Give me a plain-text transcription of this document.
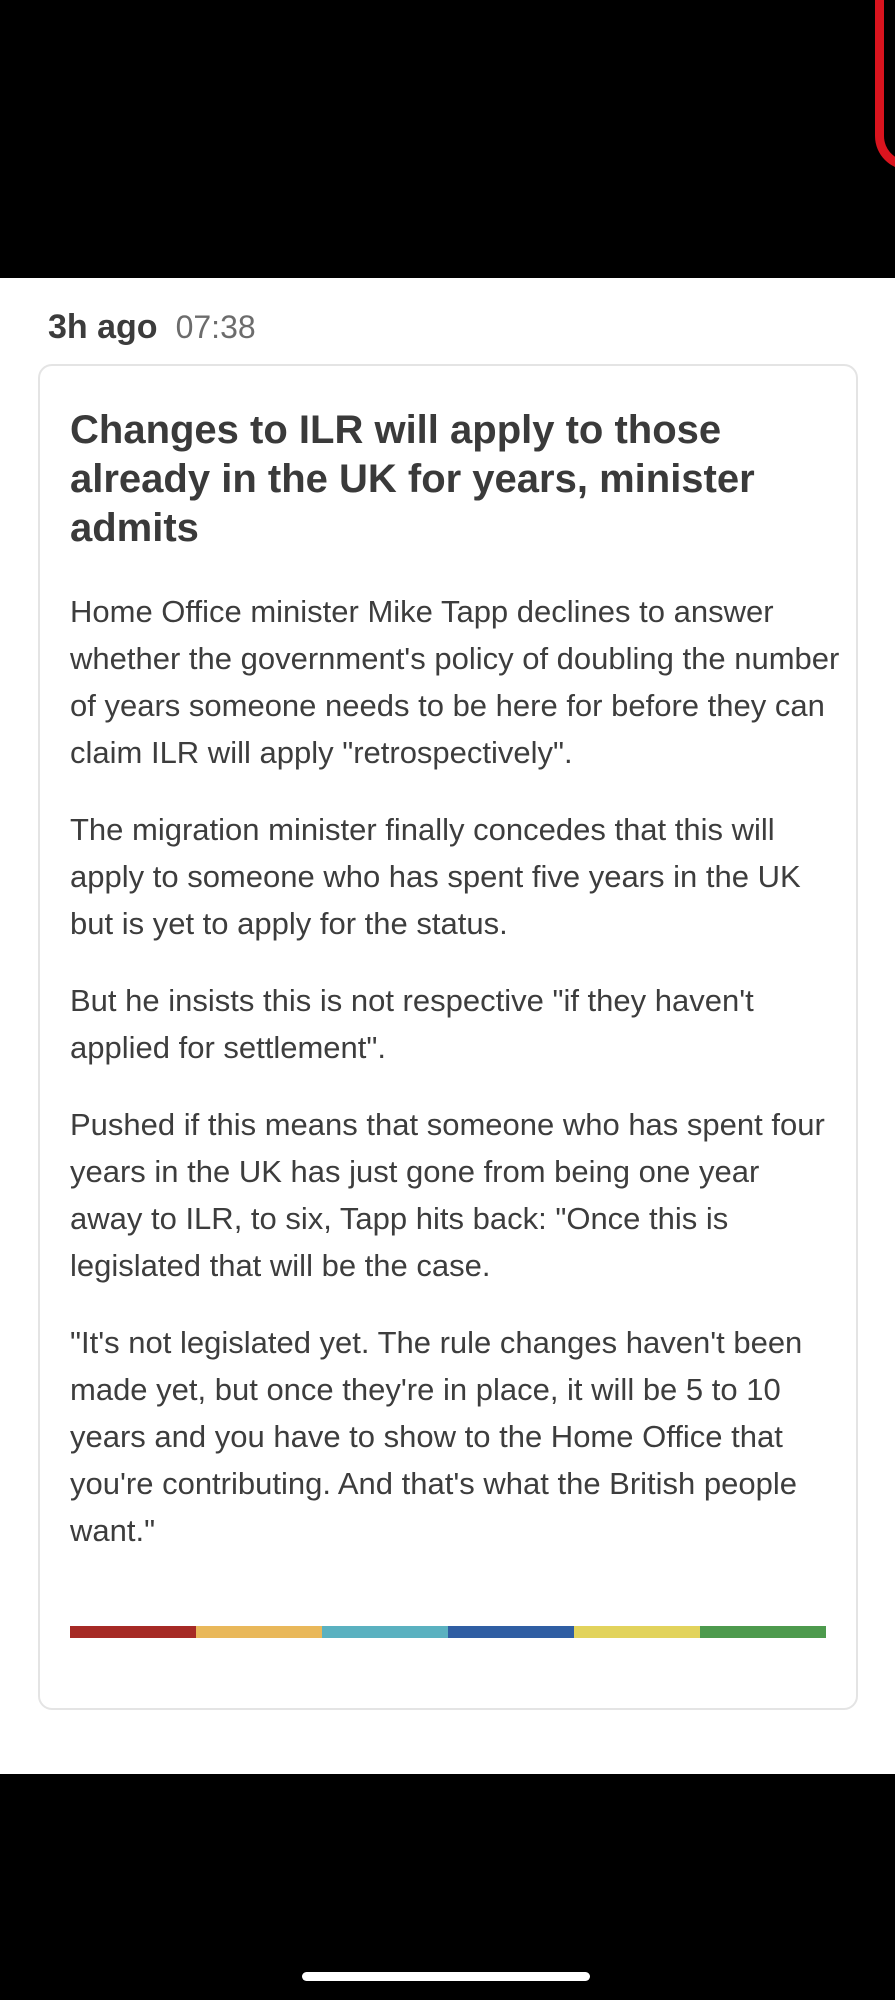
3h ago 07:38
Changes to ILR will apply to those already in the UK for years, minister admits

Home Office minister Mike Tapp declines to answer whether the government's policy of doubling the number of years someone needs to be here for before they can claim ILR will apply "retrospectively".

The migration minister finally concedes that this will apply to someone who has spent five years in the UK but is yet to apply for the status.

But he insists this is not respective "if they haven't applied for settlement".

Pushed if this means that someone who has spent four years in the UK has just gone from being one year away to ILR, to six, Tapp hits back: "Once this is legislated that will be the case.

"It's not legislated yet. The rule changes haven't been made yet, but once they're in place, it will be 5 to 10 years and you have to show to the Home Office that you're contributing. And that's what the British people want."
